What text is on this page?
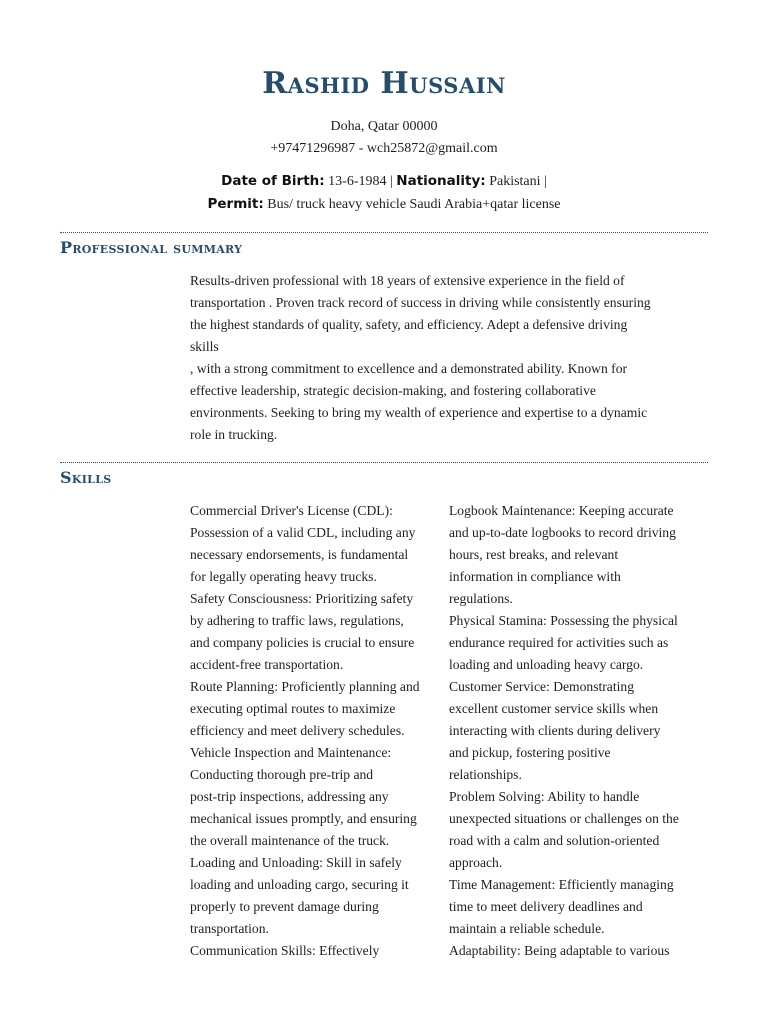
Rashid Hussain
Doha, Qatar 00000
+97471296987 - wch25872@gmail.com
Date of Birth: 13-6-1984 | Nationality: Pakistani |
Permit: Bus/ truck heavy vehicle Saudi Arabia+qatar license
Professional summary

Results-driven professional with 18 years of extensive experience in the field of

transportation . Proven track record of success in driving while consistently ensuring

the highest standards of quality, safety, and efficiency. Adept a defensive driving

skills

, with a strong commitment to excellence and a demonstrated ability. Known for

effective leadership, strategic decision-making, and fostering collaborative

environments. Seeking to bring my wealth of experience and expertise to a dynamic

role in trucking.

Skills
Commercial Driver's License (CDL):
Possession of a valid CDL, including any
necessary endorsements, is fundamental
for legally operating heavy trucks.
Safety Consciousness: Prioritizing safety
by adhering to traffic laws, regulations,
and company policies is crucial to ensure
accident-free transportation.
Route Planning: Proficiently planning and
executing optimal routes to maximize
efficiency and meet delivery schedules.
Vehicle Inspection and Maintenance:
Conducting thorough pre-trip and
post-trip inspections, addressing any
mechanical issues promptly, and ensuring
the overall maintenance of the truck.
Loading and Unloading: Skill in safely
loading and unloading cargo, securing it
properly to prevent damage during
transportation.
Communication Skills: Effectively
Logbook Maintenance: Keeping accurate
and up-to-date logbooks to record driving
hours, rest breaks, and relevant
information in compliance with
regulations.
Physical Stamina: Possessing the physical
endurance required for activities such as
loading and unloading heavy cargo.
Customer Service: Demonstrating
excellent customer service skills when
interacting with clients during delivery
and pickup, fostering positive
relationships.
Problem Solving: Ability to handle
unexpected situations or challenges on the
road with a calm and solution-oriented
approach.
Time Management: Efficiently managing
time to meet delivery deadlines and
maintain a reliable schedule.
Adaptability: Being adaptable to various
